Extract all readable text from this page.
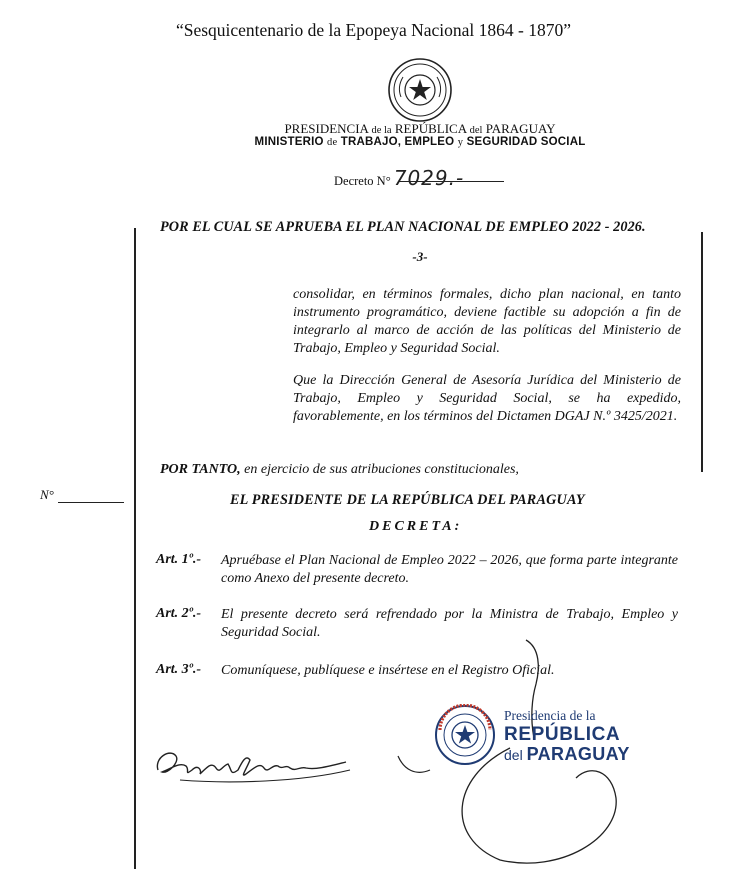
“Sesquicentenario de la Epopeya Nacional 1864 - 1870”
PRESIDENCIA de la REPÚBLICA del PARAGUAY
MINISTERIO de TRABAJO, EMPLEO y SEGURIDAD SOCIAL
Decreto N° 7029.-
N°
POR EL CUAL SE APRUEBA EL PLAN NACIONAL DE EMPLEO 2022 - 2026.
-3-
consolidar, en términos formales, dicho plan nacional, en tanto instrumento programático, deviene factible su adopción a fin de integrarlo al marco de acción de las políticas del Ministerio de Trabajo, Empleo y Seguridad Social.
Que la Dirección General de Asesoría Jurídica del Ministerio de Trabajo, Empleo y Seguridad Social, se ha expedido, favorablemente, en los términos del Dictamen DGAJ N.º 3425/2021.
POR TANTO, en ejercicio de sus atribuciones constitucionales,
EL PRESIDENTE DE LA REPÚBLICA DEL PARAGUAY
DECRETA:
Art. 1º.- Apruébase el Plan Nacional de Empleo 2022 – 2026, que forma parte integrante como Anexo del presente decreto.
Art. 2º.- El presente decreto será refrendado por la Ministra de Trabajo, Empleo y Seguridad Social.
Art. 3º.- Comuníquese, publíquese e insértese en el Registro Oficial.
Presidencia de la
REPÚBLICA
del PARAGUAY
